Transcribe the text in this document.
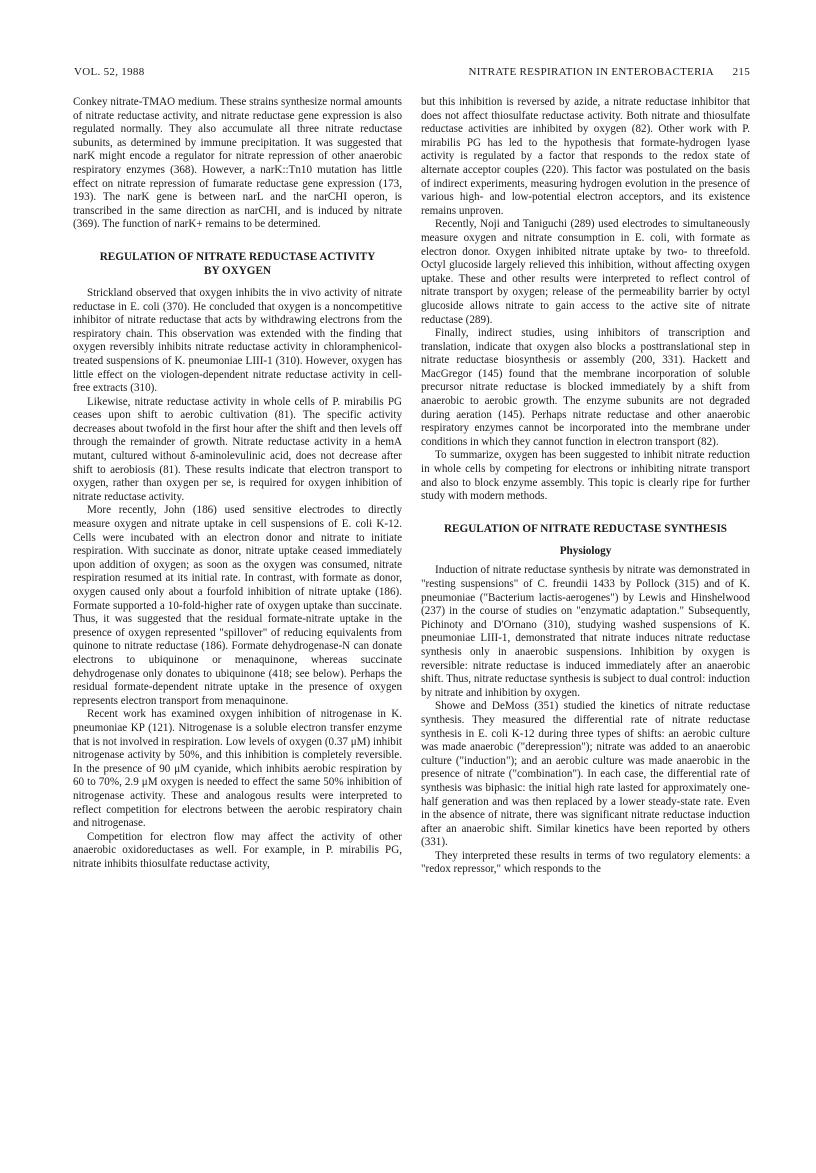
VOL. 52, 1988	NITRATE RESPIRATION IN ENTEROBACTERIA 215

Conkey nitrate-TMAO medium. These strains synthesize normal amounts of nitrate reductase activity, and nitrate reductase gene expression is also regulated normally. They also accumulate all three nitrate reductase subunits, as determined by immune precipitation. It was suggested that narK might encode a regulator for nitrate repression of other anaerobic respiratory enzymes (368). However, a narK::Tn10 mutation has little effect on nitrate repression of fumarate reductase gene expression (173, 193). The narK gene is between narL and the narCHI operon, is transcribed in the same direction as narCHI, and is induced by nitrate (369). The function of narK+ remains to be determined.

REGULATION OF NITRATE REDUCTASE ACTIVITY
BY OXYGEN

Strickland observed that oxygen inhibits the in vivo activity of nitrate reductase in E. coli (370). He concluded that oxygen is a noncompetitive inhibitor of nitrate reductase that acts by withdrawing electrons from the respiratory chain. This observation was extended with the finding that oxygen reversibly inhibits nitrate reductase activity in chloramphenicol-treated suspensions of K. pneumoniae LIII-1 (310). However, oxygen has little effect on the viologen-dependent nitrate reductase activity in cell-free extracts (310).

Likewise, nitrate reductase activity in whole cells of P. mirabilis PG ceases upon shift to aerobic cultivation (81). The specific activity decreases about twofold in the first hour after the shift and then levels off through the remainder of growth. Nitrate reductase activity in a hemA mutant, cultured without δ-aminolevulinic acid, does not decrease after shift to aerobiosis (81). These results indicate that electron transport to oxygen, rather than oxygen per se, is required for oxygen inhibition of nitrate reductase activity.

More recently, John (186) used sensitive electrodes to directly measure oxygen and nitrate uptake in cell suspensions of E. coli K-12. Cells were incubated with an electron donor and nitrate to initiate respiration. With succinate as donor, nitrate uptake ceased immediately upon addition of oxygen; as soon as the oxygen was consumed, nitrate respiration resumed at its initial rate. In contrast, with formate as donor, oxygen caused only about a fourfold inhibition of nitrate uptake (186). Formate supported a 10-fold-higher rate of oxygen uptake than succinate. Thus, it was suggested that the residual formate-nitrate uptake in the presence of oxygen represented "spillover" of reducing equivalents from quinone to nitrate reductase (186). Formate dehydrogenase-N can donate electrons to ubiquinone or menaquinone, whereas succinate dehydrogenase only donates to ubiquinone (418; see below). Perhaps the residual formate-dependent nitrate uptake in the presence of oxygen represents electron transport from menaquinone.

Recent work has examined oxygen inhibition of nitrogenase in K. pneumoniae KP (121). Nitrogenase is a soluble electron transfer enzyme that is not involved in respiration. Low levels of oxygen (0.37 μM) inhibit nitrogenase activity by 50%, and this inhibition is completely reversible. In the presence of 90 μM cyanide, which inhibits aerobic respiration by 60 to 70%, 2.9 μM oxygen is needed to effect the same 50% inhibition of nitrogenase activity. These and analogous results were interpreted to reflect competition for electrons between the aerobic respiratory chain and nitrogenase.

Competition for electron flow may affect the activity of other anaerobic oxidoreductases as well. For example, in P. mirabilis PG, nitrate inhibits thiosulfate reductase activity,

but this inhibition is reversed by azide, a nitrate reductase inhibitor that does not affect thiosulfate reductase activity. Both nitrate and thiosulfate reductase activities are inhibited by oxygen (82). Other work with P. mirabilis PG has led to the hypothesis that formate-hydrogen lyase activity is regulated by a factor that responds to the redox state of alternate acceptor couples (220). This factor was postulated on the basis of indirect experiments, measuring hydrogen evolution in the presence of various high- and low-potential electron acceptors, and its existence remains unproven.

Recently, Noji and Taniguchi (289) used electrodes to simultaneously measure oxygen and nitrate consumption in E. coli, with formate as electron donor. Oxygen inhibited nitrate uptake by two- to threefold. Octyl glucoside largely relieved this inhibition, without affecting oxygen uptake. These and other results were interpreted to reflect control of nitrate transport by oxygen; release of the permeability barrier by octyl glucoside allows nitrate to gain access to the active site of nitrate reductase (289).

Finally, indirect studies, using inhibitors of transcription and translation, indicate that oxygen also blocks a posttranslational step in nitrate reductase biosynthesis or assembly (200, 331). Hackett and MacGregor (145) found that the membrane incorporation of soluble precursor nitrate reductase is blocked immediately by a shift from anaerobic to aerobic growth. The enzyme subunits are not degraded during aeration (145). Perhaps nitrate reductase and other anaerobic respiratory enzymes cannot be incorporated into the membrane under conditions in which they cannot function in electron transport (82).

To summarize, oxygen has been suggested to inhibit nitrate reduction in whole cells by competing for electrons or inhibiting nitrate transport and also to block enzyme assembly. This topic is clearly ripe for further study with modern methods.

REGULATION OF NITRATE REDUCTASE SYNTHESIS
Physiology

Induction of nitrate reductase synthesis by nitrate was demonstrated in "resting suspensions" of C. freundii 1433 by Pollock (315) and of K. pneumoniae ("Bacterium lactis-aerogenes") by Lewis and Hinshelwood (237) in the course of studies on "enzymatic adaptation." Subsequently, Pichinoty and D'Ornano (310), studying washed suspensions of K. pneumoniae LIII-1, demonstrated that nitrate induces nitrate reductase synthesis only in anaerobic suspensions. Inhibition by oxygen is reversible: nitrate reductase is induced immediately after an anaerobic shift. Thus, nitrate reductase synthesis is subject to dual control: induction by nitrate and inhibition by oxygen.

Showe and DeMoss (351) studied the kinetics of nitrate reductase synthesis. They measured the differential rate of nitrate reductase synthesis in E. coli K-12 during three types of shifts: an aerobic culture was made anaerobic ("derepression"); nitrate was added to an anaerobic culture ("induction"); and an aerobic culture was made anaerobic in the presence of nitrate ("combination"). In each case, the differential rate of synthesis was biphasic: the initial high rate lasted for approximately one-half generation and was then replaced by a lower steady-state rate. Even in the absence of nitrate, there was significant nitrate reductase induction after an anaerobic shift. Similar kinetics have been reported by others (331).

They interpreted these results in terms of two regulatory elements: a "redox repressor," which responds to the
